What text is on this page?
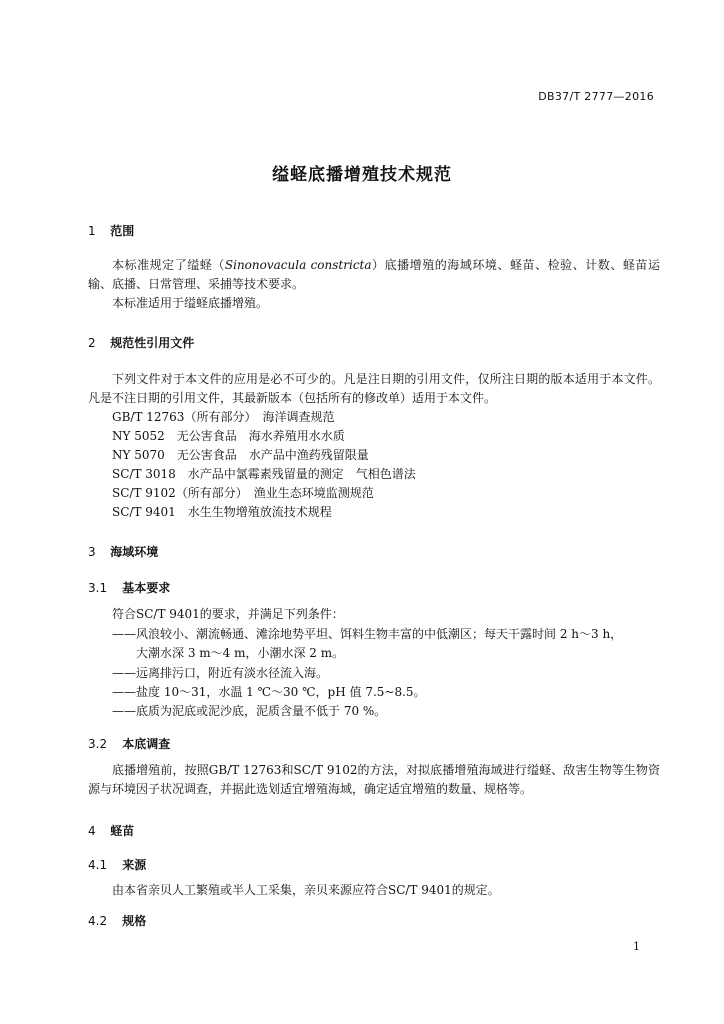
DB37/T 2777—2016
缢蛏底播增殖技术规范
1 范围
本标准规定了缢蛏（Sinonovacula constricta）底播增殖的海域环境、蛏苗、检验、计数、蛏苗运输、底播、日常管理、采捕等技术要求。
本标准适用于缢蛏底播增殖。
2 规范性引用文件
下列文件对于本文件的应用是必不可少的。凡是注日期的引用文件，仅所注日期的版本适用于本文件。凡是不注日期的引用文件，其最新版本（包括所有的修改单）适用于本文件。
GB/T 12763（所有部分）　海洋调查规范
NY 5052　无公害食品　海水养殖用水水质
NY 5070　无公害食品　水产品中渔药残留限量
SC/T 3018　水产品中氯霉素残留量的测定　气相色谱法
SC/T 9102（所有部分）　渔业生态环境监测规范
SC/T 9401　水生生物增殖放流技术规程
3 海域环境
3.1 基本要求
符合SC/T 9401的要求，并满足下列条件：
——风浪较小、潮流畅通、滩涂地势平坦、饵料生物丰富的中低潮区；每天干露时间 2 h～3 h，
大潮水深 3 m～4 m，小潮水深 2 m。
——远离排污口，附近有淡水径流入海。
——盐度 10～31，水温 1 ℃～30 ℃，pH 值 7.5~8.5。
——底质为泥底或泥沙底，泥质含量不低于 70 %。
3.2 本底调查
底播增殖前，按照GB/T 12763和SC/T 9102的方法，对拟底播增殖海域进行缢蛏、敌害生物等生物资源与环境因子状况调查，并据此选划适宜增殖海域，确定适宜增殖的数量、规格等。
4 蛏苗
4.1 来源
由本省亲贝人工繁殖或半人工采集，亲贝来源应符合SC/T 9401的规定。
4.2 规格
1
